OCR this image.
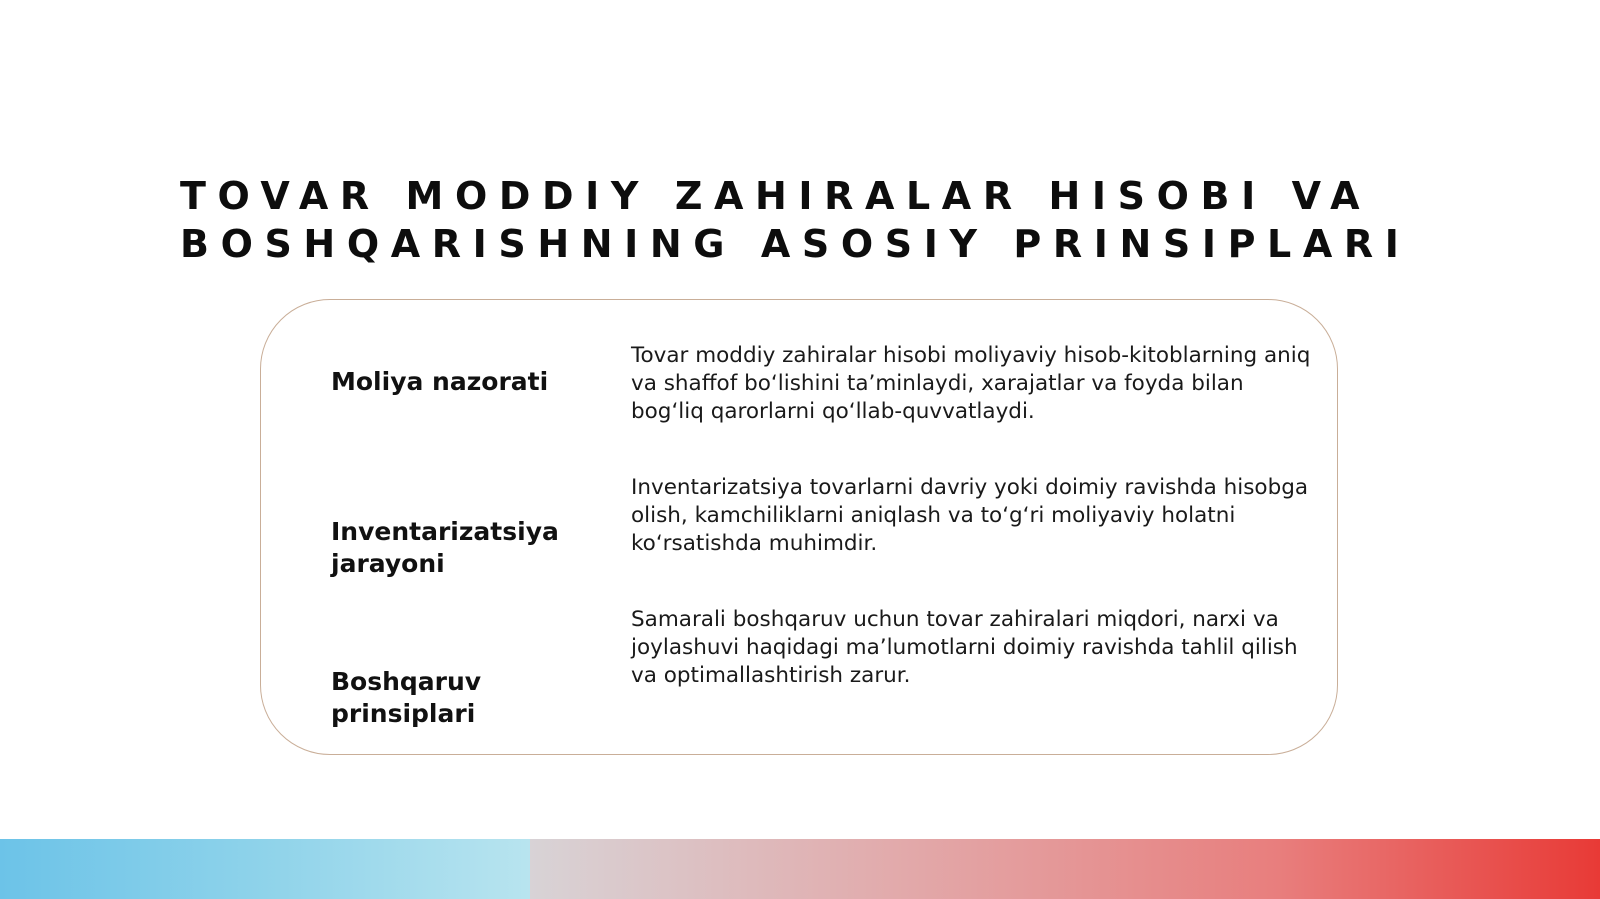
TOVAR MODDIY ZAHIRALAR HISOBI VA
BOSHQARISHNING ASOSIY PRINSIPLARI

Moliya nazorati

Tovar moddiy zahiralar hisobi moliyaviy hisob-kitoblarning aniq va shaffof bo‘lishini ta’minlaydi, xarajatlar va foyda bilan bog‘liq qarorlarni qo‘llab-quvvatlaydi.

Inventarizatsiya jarayoni

Inventarizatsiya tovarlarni davriy yoki doimiy ravishda hisobga olish, kamchiliklarni aniqlash va to‘g‘ri moliyaviy holatni ko‘rsatishda muhimdir.

Boshqaruv prinsiplari

Samarali boshqaruv uchun tovar zahiralari miqdori, narxi va joylashuvi haqidagi ma’lumotlarni doimiy ravishda tahlil qilish va optimallashtirish zarur.
